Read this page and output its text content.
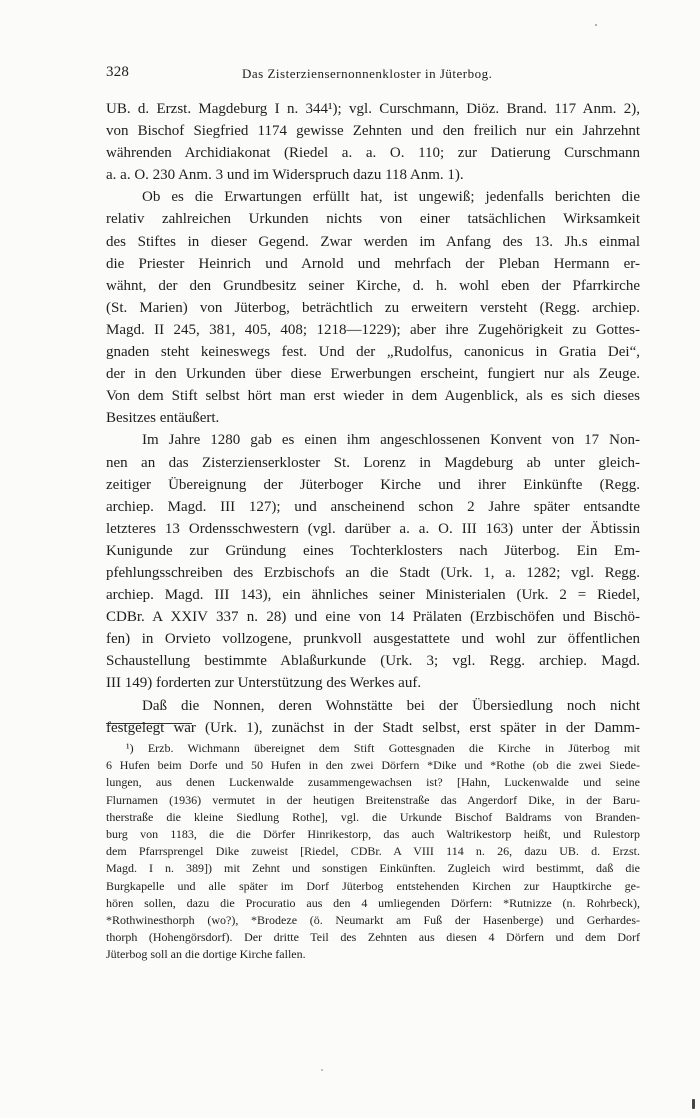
328	Das Zisterziensernonnenkloster in Jüterbog.
UB. d. Erzst. Magdeburg I n. 344¹); vgl. Curschmann, Diöz. Brand. 117 Anm. 2),
von Bischof Siegfried 1174 gewisse Zehnten und den freilich nur ein Jahrzehnt
währenden Archidiakonat (Riedel a. a. O. 110; zur Datierung Curschmann
a. a. O. 230 Anm. 3 und im Widerspruch dazu 118 Anm. 1).
Ob es die Erwartungen erfüllt hat, ist ungewiß; jedenfalls berichten die
relativ zahlreichen Urkunden nichts von einer tatsächlichen Wirksamkeit
des Stiftes in dieser Gegend. Zwar werden im Anfang des 13. Jh.s einmal
die Priester Heinrich und Arnold und mehrfach der Pleban Hermann er-
wähnt, der den Grundbesitz seiner Kirche, d. h. wohl eben der Pfarrkirche
(St. Marien) von Jüterbog, beträchtlich zu erweitern versteht (Regg. archiep.
Magd. II 245, 381, 405, 408; 1218—1229); aber ihre Zugehörigkeit zu Gottes-
gnaden steht keineswegs fest. Und der „Rudolfus, canonicus in Gratia Dei“,
der in den Urkunden über diese Erwerbungen erscheint, fungiert nur als Zeuge.
Von dem Stift selbst hört man erst wieder in dem Augenblick, als es sich dieses
Besitzes entäußert.
Im Jahre 1280 gab es einen ihm angeschlossenen Konvent von 17 Non-
nen an das Zisterzienserkloster St. Lorenz in Magdeburg ab unter gleich-
zeitiger Übereignung der Jüterboger Kirche und ihrer Einkünfte (Regg.
archiep. Magd. III 127); und anscheinend schon 2 Jahre später entsandte
letzteres 13 Ordensschwestern (vgl. darüber a. a. O. III 163) unter der Äbtissin
Kunigunde zur Gründung eines Tochterklosters nach Jüterbog. Ein Em-
pfehlungsschreiben des Erzbischofs an die Stadt (Urk. 1, a. 1282; vgl. Regg.
archiep. Magd. III 143), ein ähnliches seiner Ministerialen (Urk. 2 = Riedel,
CDBr. A XXIV 337 n. 28) und eine von 14 Prälaten (Erzbischöfen und Bischö-
fen) in Orvieto vollzogene, prunkvoll ausgestattete und wohl zur öffentlichen
Schaustellung bestimmte Ablaßurkunde (Urk. 3; vgl. Regg. archiep. Magd.
III 149) forderten zur Unterstützung des Werkes auf.
Daß die Nonnen, deren Wohnstätte bei der Übersiedlung noch nicht
festgelegt war (Urk. 1), zunächst in der Stadt selbst, erst später in der Damm-
¹) Erzb. Wichmann übereignet dem Stift Gottesgnaden die Kirche in Jüterbog mit
6 Hufen beim Dorfe und 50 Hufen in den zwei Dörfern *Dike und *Rothe (ob die zwei Siede-
lungen, aus denen Luckenwalde zusammengewachsen ist? [Hahn, Luckenwalde und seine
Flurnamen (1936) vermutet in der heutigen Breitenstraße das Angerdorf Dike, in der Baru-
therstraße die kleine Siedlung Rothe], vgl. die Urkunde Bischof Baldrams von Branden-
burg von 1183, die die Dörfer Hinrikestorp, das auch Waltrikestorp heißt, und Rulestorp
dem Pfarrsprengel Dike zuweist [Riedel, CDBr. A VIII 114 n. 26, dazu UB. d. Erzst.
Magd. I n. 389]) mit Zehnt und sonstigen Einkünften. Zugleich wird bestimmt, daß die
Burgkapelle und alle später im Dorf Jüterbog entstehenden Kirchen zur Hauptkirche ge-
hören sollen, dazu die Procuratio aus den 4 umliegenden Dörfern: *Rutnizze (n. Rohrbeck),
*Rothwinesthorph (wo?), *Brodeze (ö. Neumarkt am Fuß der Hasenberge) und Gerhardes-
thorph (Hohengörsdorf). Der dritte Teil des Zehnten aus diesen 4 Dörfern und dem Dorf
Jüterbog soll an die dortige Kirche fallen.
